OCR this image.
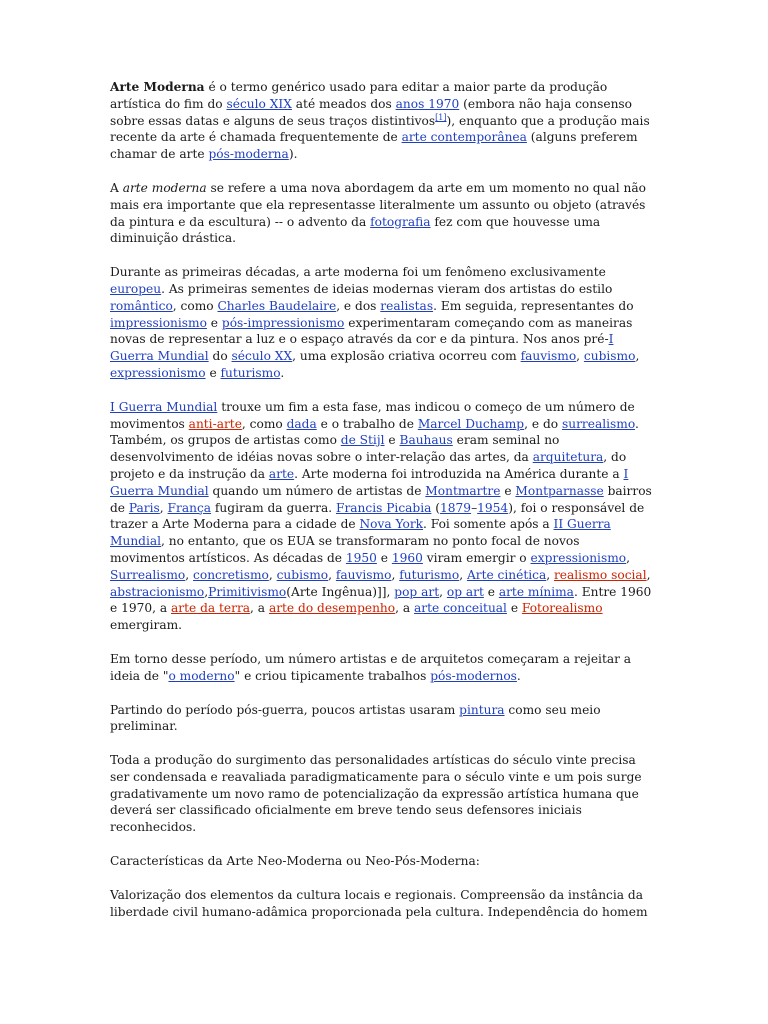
Arte Moderna é o termo genérico usado para editar a maior parte da produção artística do fim do século XIX até meados dos anos 1970 (embora não haja consenso sobre essas datas e alguns de seus traços distintivos[1]), enquanto que a produção mais recente da arte é chamada frequentemente de arte contemporânea (alguns preferem chamar de arte pós-moderna).

A arte moderna se refere a uma nova abordagem da arte em um momento no qual não mais era importante que ela representasse literalmente um assunto ou objeto (através da pintura e da escultura) -- o advento da fotografia fez com que houvesse uma diminuição drástica.

Durante as primeiras décadas, a arte moderna foi um fenômeno exclusivamente europeu. As primeiras sementes de ideias modernas vieram dos artistas do estilo romântico, como Charles Baudelaire, e dos realistas. Em seguida, representantes do impressionismo e pós-impressionismo experimentaram começando com as maneiras novas de representar a luz e o espaço através da cor e da pintura. Nos anos pré-I Guerra Mundial do século XX, uma explosão criativa ocorreu com fauvismo, cubismo, expressionismo e futurismo.

I Guerra Mundial trouxe um fim a esta fase, mas indicou o começo de um número de movimentos anti-arte, como dada e o trabalho de Marcel Duchamp, e do surrealismo. Também, os grupos de artistas como de Stijl e Bauhaus eram seminal no desenvolvimento de idéias novas sobre o inter-relação das artes, da arquitetura, do projeto e da instrução da arte. Arte moderna foi introduzida na América durante a I Guerra Mundial quando um número de artistas de Montmartre e Montparnasse bairros de Paris, França fugiram da guerra. Francis Picabia (1879–1954), foi o responsável de trazer a Arte Moderna para a cidade de Nova York. Foi somente após a II Guerra Mundial, no entanto, que os EUA se transformaram no ponto focal de novos movimentos artísticos. As décadas de 1950 e 1960 viram emergir o expressionismo, Surrealismo, concretismo, cubismo, fauvismo, futurismo, Arte cinética, realismo social, abstracionismo,Primitivismo(Arte Ingênua)]], pop art, op art e arte mínima. Entre 1960 e 1970, a arte da terra, a arte do desempenho, a arte conceitual e Fotorealismo emergiram.

Em torno desse período, um número artistas e de arquitetos começaram a rejeitar a ideia de "o moderno" e criou tipicamente trabalhos pós-modernos.

Partindo do período pós-guerra, poucos artistas usaram pintura como seu meio preliminar.

Toda a produção do surgimento das personalidades artísticas do século vinte precisa ser condensada e reavaliada paradigmaticamente para o século vinte e um pois surge gradativamente um novo ramo de potencialização da expressão artística humana que deverá ser classificado oficialmente em breve tendo seus defensores iniciais reconhecidos.

Características da Arte Neo-Moderna ou Neo-Pós-Moderna:

Valorização dos elementos da cultura locais e regionais. Compreensão da instância da liberdade civil humano-adâmica proporcionada pela cultura. Independência do homem
